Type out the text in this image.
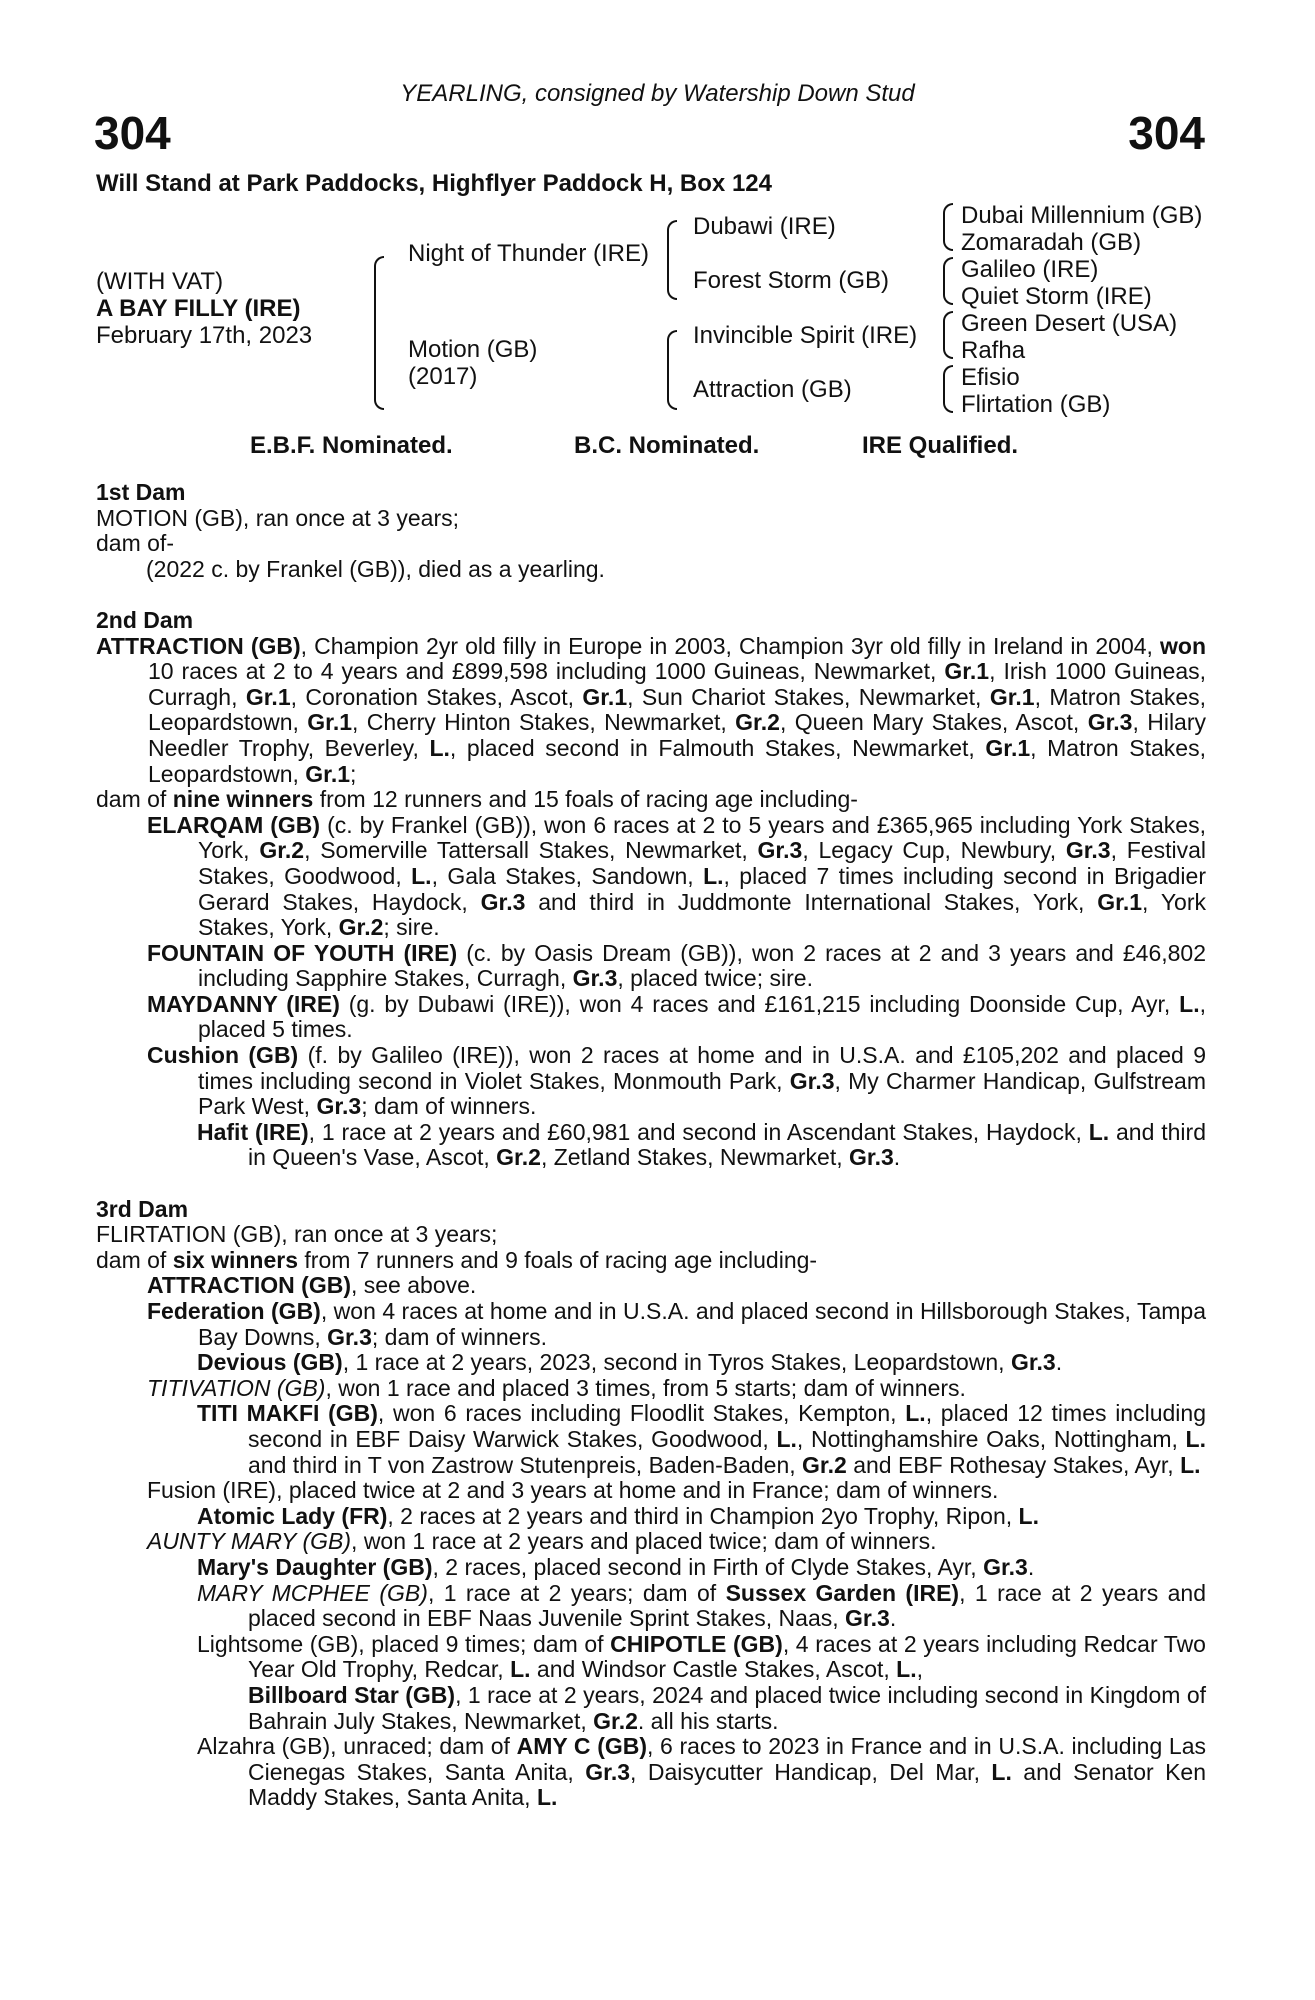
YEARLING, consigned by Watership Down Stud
304	304
Will Stand at Park Paddocks, Highflyer Paddock H, Box 124
(WITH VAT)
A BAY FILLY (IRE)
February 17th, 2023
Night of Thunder (IRE)
Motion (GB)
(2017)
Dubawi (IRE)
Forest Storm (GB)
Invincible Spirit (IRE)
Attraction (GB)
Dubai Millennium (GB)
Zomaradah (GB)
Galileo (IRE)
Quiet Storm (IRE)
Green Desert (USA)
Rafha
Efisio
Flirtation (GB)
E.B.F. Nominated.	B.C. Nominated.	IRE Qualified.
1st Dam
MOTION (GB), ran once at 3 years;
dam of-
(2022 c. by Frankel (GB)), died as a yearling.
2nd Dam
ATTRACTION (GB), Champion 2yr old filly in Europe in 2003, Champion 3yr old filly in Ireland in 2004, won 10 races at 2 to 4 years and £899,598 including 1000 Guineas, Newmarket, Gr.1, Irish 1000 Guineas, Curragh, Gr.1, Coronation Stakes, Ascot, Gr.1, Sun Chariot Stakes, Newmarket, Gr.1, Matron Stakes, Leopardstown, Gr.1, Cherry Hinton Stakes, Newmarket, Gr.2, Queen Mary Stakes, Ascot, Gr.3, Hilary Needler Trophy, Beverley, L., placed second in Falmouth Stakes, Newmarket, Gr.1, Matron Stakes, Leopardstown, Gr.1;
dam of nine winners from 12 runners and 15 foals of racing age including-
ELARQAM (GB) (c. by Frankel (GB)), won 6 races at 2 to 5 years and £365,965 including York Stakes, York, Gr.2, Somerville Tattersall Stakes, Newmarket, Gr.3, Legacy Cup, Newbury, Gr.3, Festival Stakes, Goodwood, L., Gala Stakes, Sandown, L., placed 7 times including second in Brigadier Gerard Stakes, Haydock, Gr.3 and third in Juddmonte International Stakes, York, Gr.1, York Stakes, York, Gr.2; sire.
FOUNTAIN OF YOUTH (IRE) (c. by Oasis Dream (GB)), won 2 races at 2 and 3 years and £46,802 including Sapphire Stakes, Curragh, Gr.3, placed twice; sire.
MAYDANNY (IRE) (g. by Dubawi (IRE)), won 4 races and £161,215 including Doonside Cup, Ayr, L., placed 5 times.
Cushion (GB) (f. by Galileo (IRE)), won 2 races at home and in U.S.A. and £105,202 and placed 9 times including second in Violet Stakes, Monmouth Park, Gr.3, My Charmer Handicap, Gulfstream Park West, Gr.3; dam of winners.
Hafit (IRE), 1 race at 2 years and £60,981 and second in Ascendant Stakes, Haydock, L. and third in Queen's Vase, Ascot, Gr.2, Zetland Stakes, Newmarket, Gr.3.
3rd Dam
FLIRTATION (GB), ran once at 3 years;
dam of six winners from 7 runners and 9 foals of racing age including-
ATTRACTION (GB), see above.
Federation (GB), won 4 races at home and in U.S.A. and placed second in Hillsborough Stakes, Tampa Bay Downs, Gr.3; dam of winners.
Devious (GB), 1 race at 2 years, 2023, second in Tyros Stakes, Leopardstown, Gr.3.
TITIVATION (GB), won 1 race and placed 3 times, from 5 starts; dam of winners.
TITI MAKFI (GB), won 6 races including Floodlit Stakes, Kempton, L., placed 12 times including second in EBF Daisy Warwick Stakes, Goodwood, L., Nottinghamshire Oaks, Nottingham, L. and third in T von Zastrow Stutenpreis, Baden-Baden, Gr.2 and EBF Rothesay Stakes, Ayr, L.
Fusion (IRE), placed twice at 2 and 3 years at home and in France; dam of winners.
Atomic Lady (FR), 2 races at 2 years and third in Champion 2yo Trophy, Ripon, L.
AUNTY MARY (GB), won 1 race at 2 years and placed twice; dam of winners.
Mary's Daughter (GB), 2 races, placed second in Firth of Clyde Stakes, Ayr, Gr.3.
MARY MCPHEE (GB), 1 race at 2 years; dam of Sussex Garden (IRE), 1 race at 2 years and placed second in EBF Naas Juvenile Sprint Stakes, Naas, Gr.3.
Lightsome (GB), placed 9 times; dam of CHIPOTLE (GB), 4 races at 2 years including Redcar Two Year Old Trophy, Redcar, L. and Windsor Castle Stakes, Ascot, L.,
Billboard Star (GB), 1 race at 2 years, 2024 and placed twice including second in Kingdom of Bahrain July Stakes, Newmarket, Gr.2. all his starts.
Alzahra (GB), unraced; dam of AMY C (GB), 6 races to 2023 in France and in U.S.A. including Las Cienegas Stakes, Santa Anita, Gr.3, Daisycutter Handicap, Del Mar, L. and Senator Ken Maddy Stakes, Santa Anita, L.
